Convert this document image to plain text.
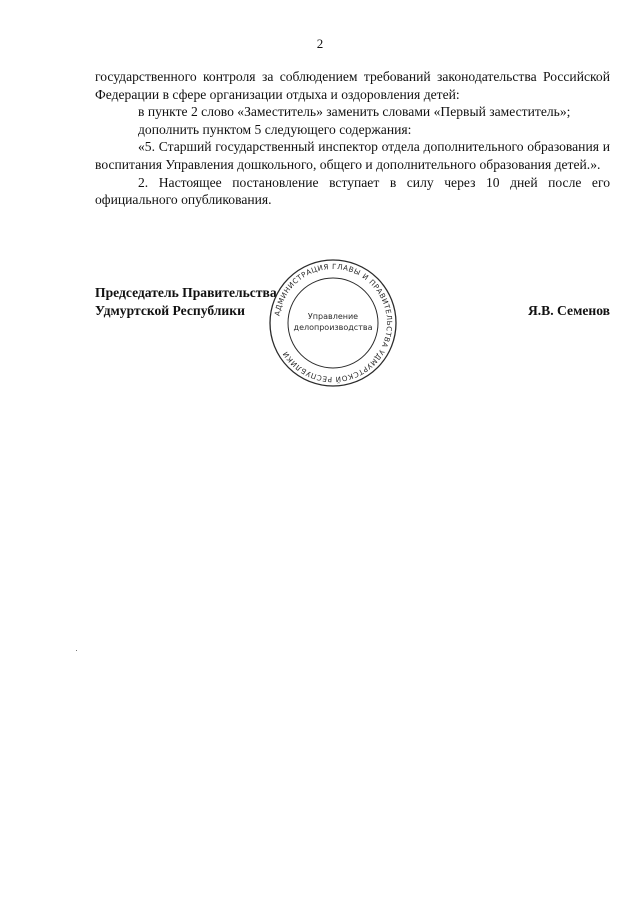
2

государственного контроля за соблюдением требований законодательства Российской Федерации в сфере организации отдыха и оздоровления детей:

в пункте 2 слово «Заместитель» заменить словами «Первый заместитель»;

дополнить пунктом 5 следующего содержания:

«5. Старший государственный инспектор отдела дополнительного образования и воспитания Управления дошкольного, общего и дополнительного образования детей.».

2. Настоящее постановление вступает в силу через 10 дней после его официального опубликования.

Председатель Правительства
Удмуртской Республики	Я.В. Семенов
АДМИНИСТРАЦИЯ ГЛАВЫ И ПРАВИТЕЛЬСТВА УДМУРТСКОЙ РЕСПУБЛИКИ
Управление
делопроизводства
